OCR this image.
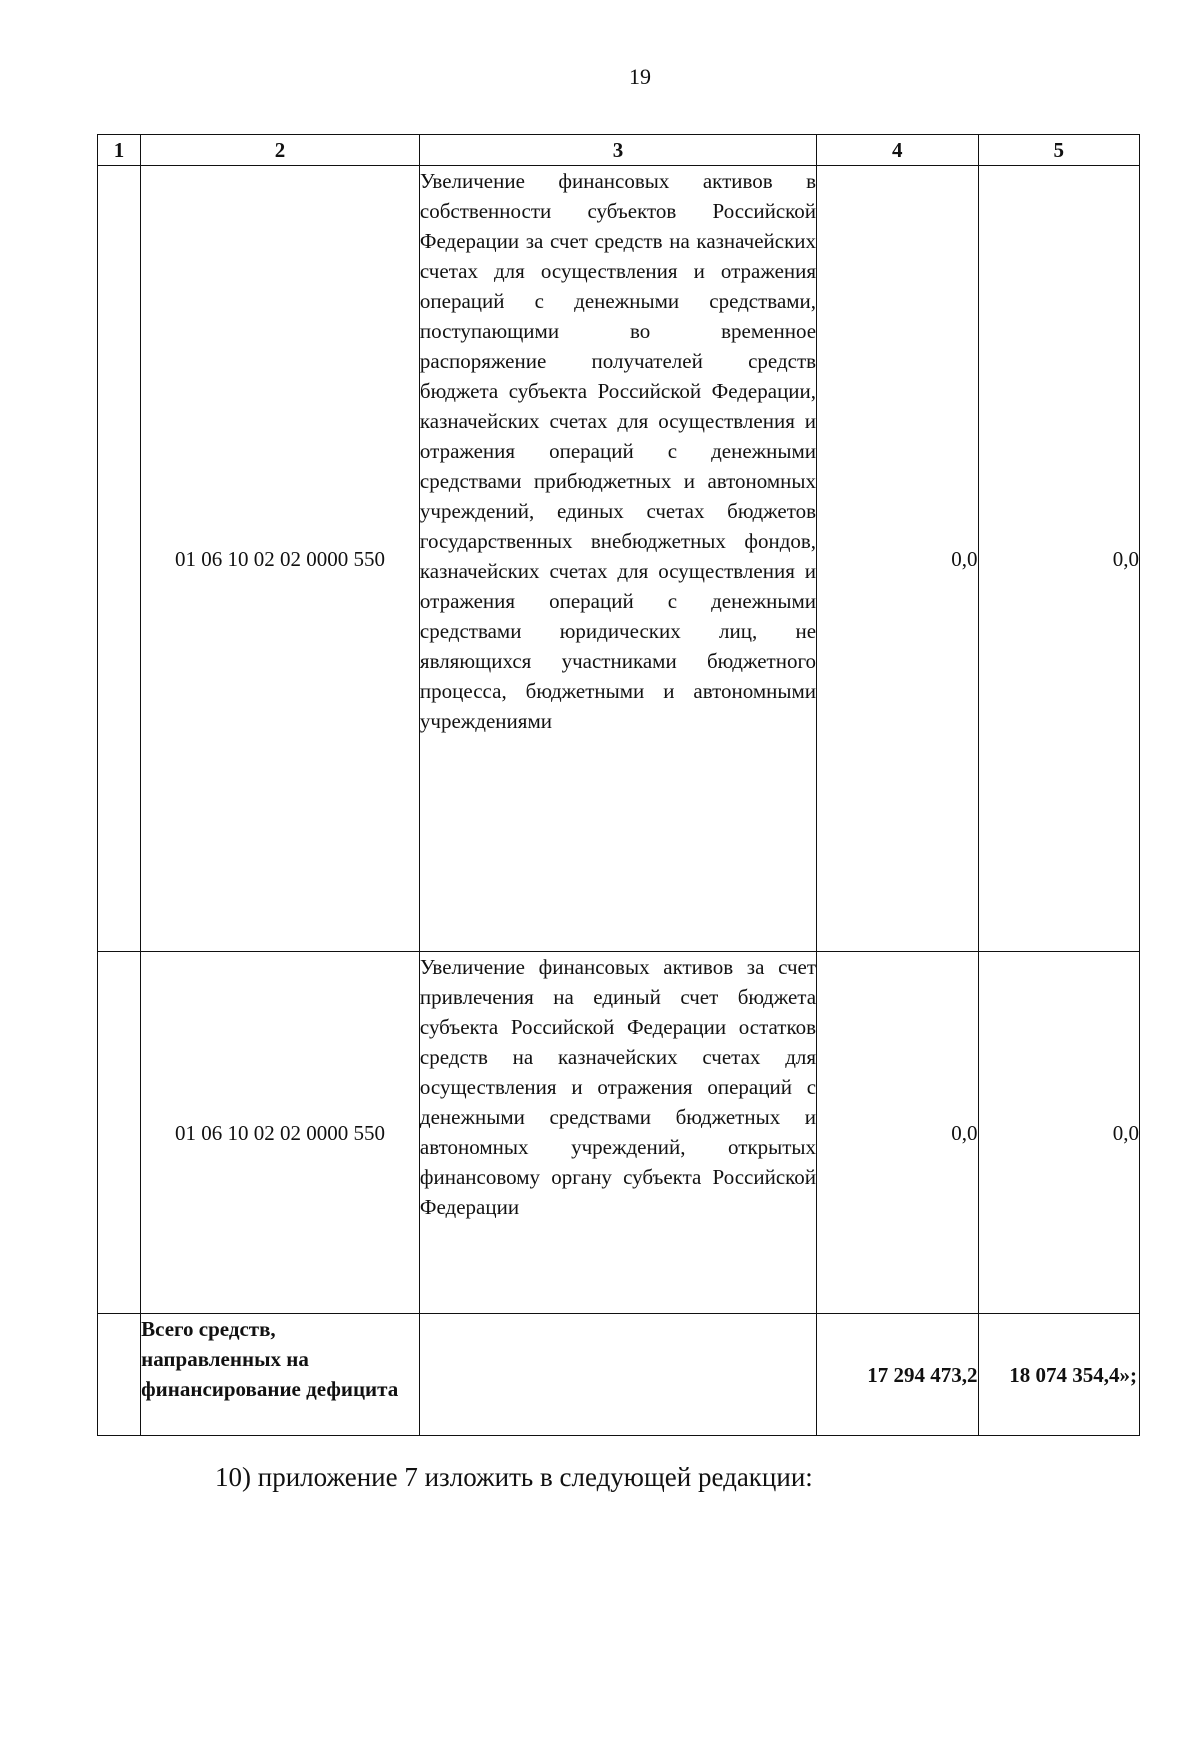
19
1	2	3	4	5
	01 06 10 02 02 0000 550	Увеличение финансовых активов в собственности субъектов Российской Федерации за счет средств на казначейских счетах для осуществления и отражения операций с денежными средствами, поступающими во временное распоряжение получателей средств бюджета субъекта Российской Федерации, казначейских счетах для осуществления и отражения операций с денежными средствами прибюджетных и автономных учреждений, единых счетах бюджетов государственных внебюджетных фондов, казначейских счетах для осуществления и отражения операций с денежными средствами юридических лиц, не являющихся участниками бюджетного процесса, бюджетными и автономными учреждениями	0,0	0,0
	01 06 10 02 02 0000 550	Увеличение финансовых активов за счет привлечения на единый счет бюджета субъекта Российской Федерации остатков средств на казначейских счетах для осуществления и отражения операций с денежными средствами бюджетных и автономных учреждений, открытых финансовому органу субъекта Российской Федерации	0,0	0,0
	Всего средств, направленных на финансирование дефицита		17 294 473,2	18 074 354,4»;
10) приложение 7 изложить в следующей редакции:
